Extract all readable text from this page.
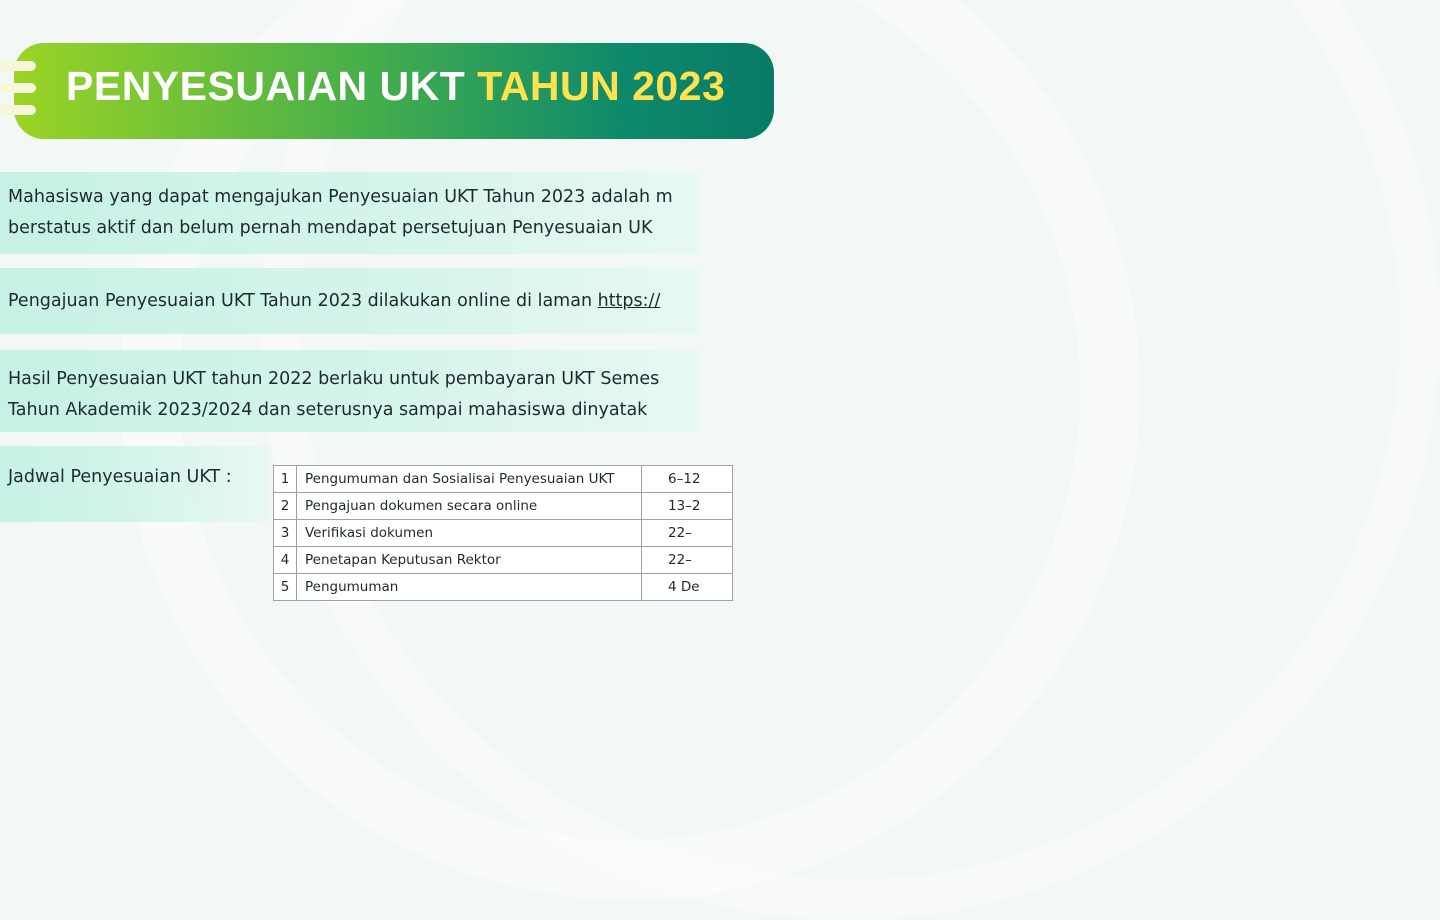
PENYESUAIAN UKT TAHUN 2023

Mahasiswa yang dapat mengajukan Penyesuaian UKT Tahun 2023 adalah m

berstatus aktif dan belum pernah mendapat persetujuan Penyesuaian UK

Pengajuan Penyesuaian UKT Tahun 2023 dilakukan online di laman https://

Hasil Penyesuaian UKT tahun 2022 berlaku untuk pembayaran UKT Semes

Tahun Akademik 2023/2024 dan seterusnya sampai mahasiswa dinyatak

Jadwal Penyesuaian UKT :	1	Pengumuman dan Sosialisai Penyesuaian UKT	6–12
2	Pengajuan dokumen secara online	13–2
3	Verifikasi dokumen	22–
4	Penetapan Keputusan Rektor	22–
5	Pengumuman	4 De
